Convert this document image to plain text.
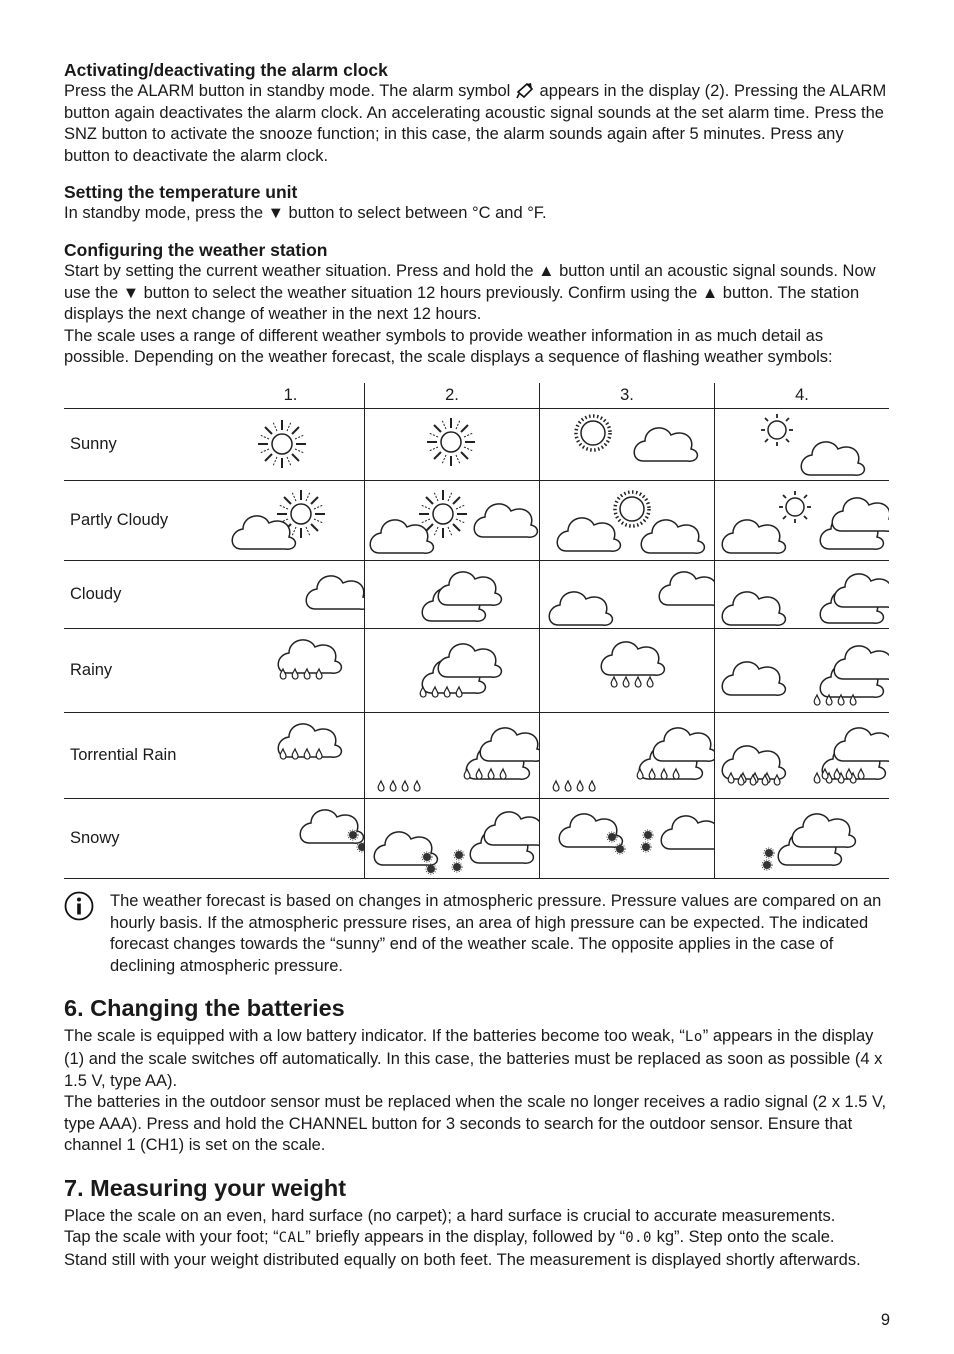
Activating/deactivating the alarm clock

Press the ALARM button in standby mode. The alarm symbol appears in the display (2). Pressing the ALARM button again deactivates the alarm clock. An accelerating acoustic signal sounds at the set alarm time. Press the SNZ button to activate the snooze function; in this case, the alarm sounds again after 5 minutes. Press any button to deactivate the alarm clock.

Setting the temperature unit

In standby mode, press the ▼ button to select between °C and °F.

Configuring the weather station

Start by setting the current weather situation. Press and hold the ▲ button until an acoustic signal sounds. Now use the ▼ button to select the weather situation 12 hours previously. Confirm using the ▲ button. The station displays the next change of weather in the next 12 hours.

The scale uses a range of different weather symbols to provide weather information in as much detail as possible. Depending on the weather forecast, the scale displays a sequence of flashing weather symbols:

	1.	2.	3.	4.
Sunny	

Partly Cloudy	

Cloudy	

Rainy	

Torrential Rain	

Snowy	

The weather forecast is based on changes in atmospheric pressure. Pressure values are compared on an hourly basis. If the atmospheric pressure rises, an area of high pressure can be expected. The indicated forecast changes towards the “sunny” end of the weather scale. The opposite applies in the case of declining atmospheric pressure.

6. Changing the batteries

The scale is equipped with a low battery indicator. If the batteries become too weak, “Lo” appears in the display (1) and the scale switches off automatically. In this case, the batteries must be replaced as soon as possible (4 x 1.5 V, type AA).

The batteries in the outdoor sensor must be replaced when the scale no longer receives a radio signal (2 x 1.5 V, type AAA). Press and hold the CHANNEL button for 3 seconds to search for the outdoor sensor. Ensure that channel 1 (CH1) is set on the scale.

7. Measuring your weight

Place the scale on an even, hard surface (no carpet); a hard surface is crucial to accurate measurements.

Tap the scale with your foot; “CAL” briefly appears in the display, followed by “0.0 kg”. Step onto the scale.

Stand still with your weight distributed equally on both feet. The measurement is displayed shortly afterwards.

9
